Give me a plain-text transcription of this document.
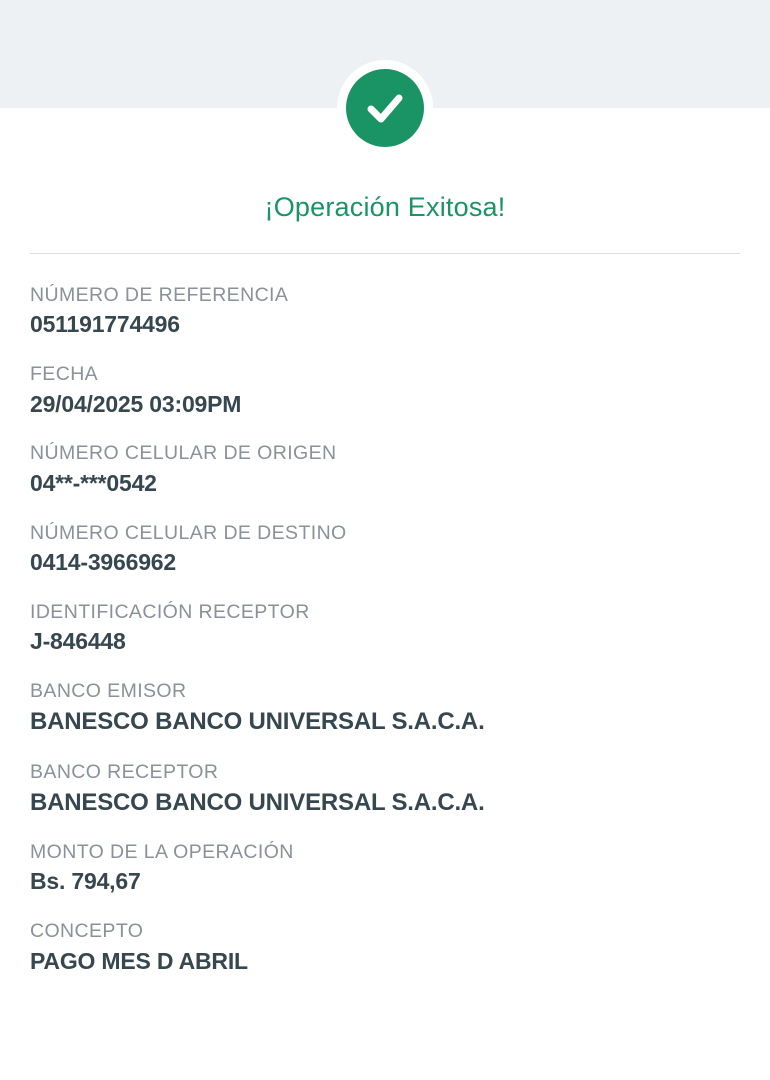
¡Operación Exitosa!
NÚMERO DE REFERENCIA
051191774496
FECHA
29/04/2025 03:09PM
NÚMERO CELULAR DE ORIGEN
04**-***0542
NÚMERO CELULAR DE DESTINO
0414-3966962
IDENTIFICACIÓN RECEPTOR
J-846448
BANCO EMISOR
BANESCO BANCO UNIVERSAL S.A.C.A.
BANCO RECEPTOR
BANESCO BANCO UNIVERSAL S.A.C.A.
MONTO DE LA OPERACIÓN
Bs. 794,67
CONCEPTO
PAGO MES D ABRIL
